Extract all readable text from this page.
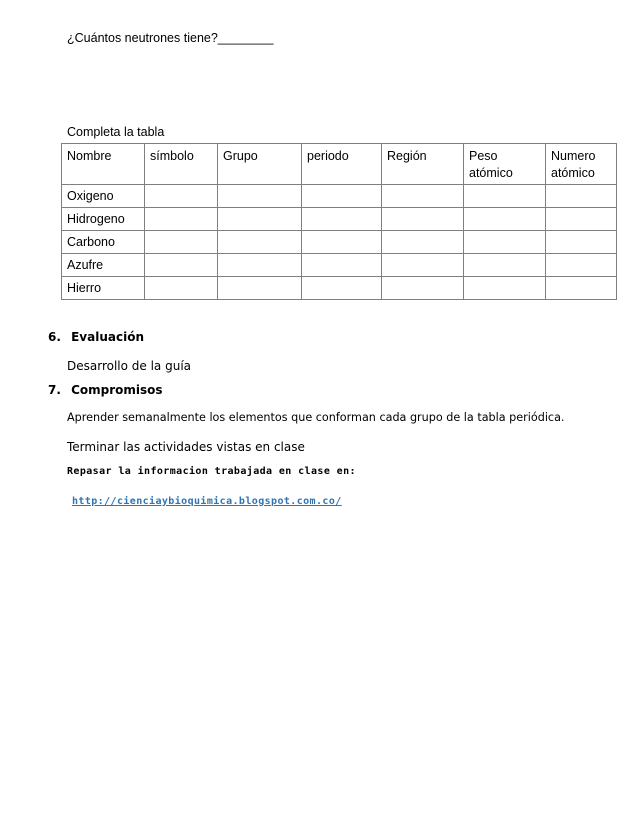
¿Cuántos neutrones tiene?________
Completa la tabla
Nombre	símbolo	Grupo	periodo	Región	Peso atómico	Numero atómico
Oxigeno						
Hidrogeno						
Carbono						
Azufre						
Hierro						
6. Evaluación
Desarrollo de la guía
7. Compromisos
Aprender semanalmente los elementos que conforman cada grupo de la tabla periódica.
Terminar las actividades vistas en clase
Repasar la informacion trabajada en clase en:
http://cienciaybioquimica.blogspot.com.co/
